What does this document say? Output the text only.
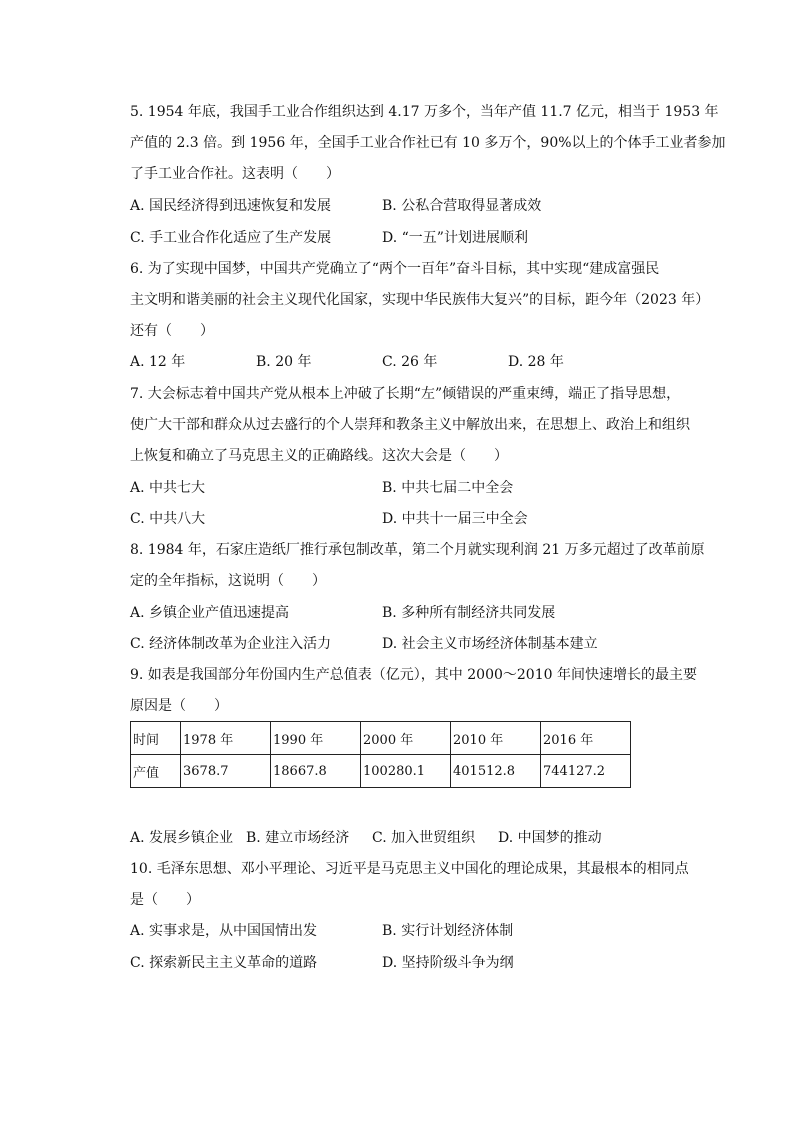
5. 1954 年底，我国手工业合作组织达到 4.17 万多个，当年产值 11.7 亿元，相当于 1953 年
产值的 2.3 倍。到 1956 年，全国手工业合作社已有 10 多万个，90%以上的个体手工业者参加
了手工业合作社。这表明（　　）
A. 国民经济得到迅速恢复和发展	B. 公私合营取得显著成效
C. 手工业合作化适应了生产发展	D. “一五”计划进展顺利
6. 为了实现中国梦，中国共产党确立了“两个一百年”奋斗目标，其中实现“建成富强民
主文明和谐美丽的社会主义现代化国家，实现中华民族伟大复兴”的目标，距今年（2023 年）
还有（　　）
A. 12 年	B. 20 年	C. 26 年	D. 28 年
7. 大会标志着中国共产党从根本上冲破了长期“左”倾错误的严重束缚，端正了指导思想，
使广大干部和群众从过去盛行的个人崇拜和教条主义中解放出来，在思想上、政治上和组织
上恢复和确立了马克思主义的正确路线。这次大会是（　　）
A. 中共七大	B. 中共七届二中全会
C. 中共八大	D. 中共十一届三中全会
8. 1984 年，石家庄造纸厂推行承包制改革，第二个月就实现利润 21 万多元超过了改革前原
定的全年指标，这说明（　　）
A. 乡镇企业产值迅速提高	B. 多种所有制经济共同发展
C. 经济体制改革为企业注入活力	D. 社会主义市场经济体制基本建立
9. 如表是我国部分年份国内生产总值表（亿元），其中 2000～2010 年间快速增长的最主要
原因是（　　）
时间	1978 年	1990 年	2000 年	2010 年	2016 年
产值	3678.7	18667.8	100280.1	401512.8	744127.2
A. 发展乡镇企业 B. 建立市场经济 C. 加入世贸组织 D. 中国梦的推动
10. 毛泽东思想、邓小平理论、习近平是马克思主义中国化的理论成果，其最根本的相同点
是（　　）
A. 实事求是，从中国国情出发	B. 实行计划经济体制
C. 探索新民主主义革命的道路	D. 坚持阶级斗争为纲
